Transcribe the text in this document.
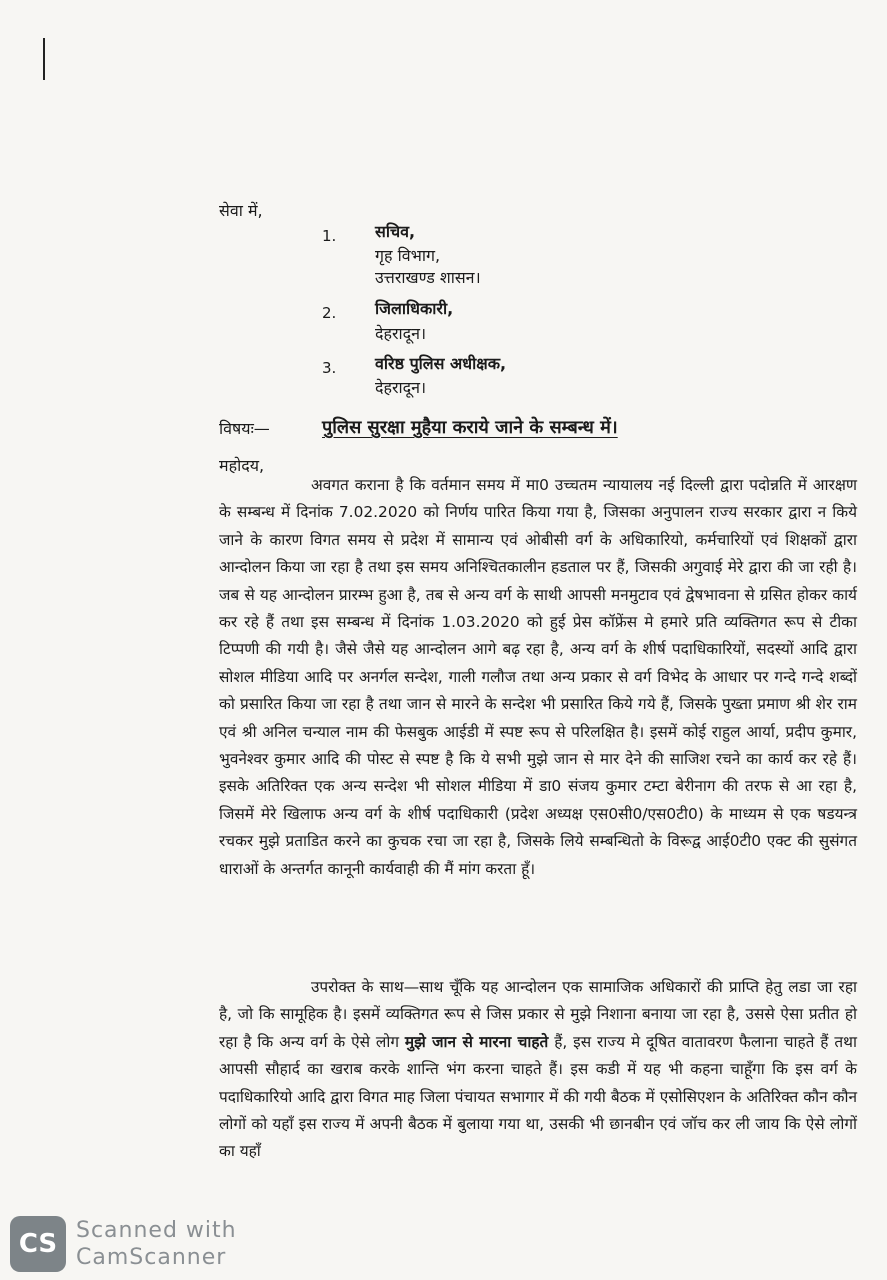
सेवा में,
1. सचिव,
गृह विभाग,
उत्तराखण्ड शासन।
2. जिलाधिकारी,
देहरादून।
3. वरिष्ठ पुलिस अधीक्षक,
देहरादून।
विषयः—	पुलिस सुरक्षा मुहैया कराये जाने के सम्बन्ध में।
महोदय,
अवगत कराना है कि वर्तमान समय में मा0 उच्चतम न्यायालय नई दिल्ली द्वारा पदोन्नति में आरक्षण के सम्बन्ध में दिनांक 7.02.2020 को निर्णय पारित किया गया है, जिसका अनुपालन राज्य सरकार द्वारा न किये जाने के कारण विगत समय से प्रदेश में सामान्य एवं ओबीसी वर्ग के अधिकारियो, कर्मचारियों एवं शिक्षकों द्वारा आन्दोलन किया जा रहा है तथा इस समय अनिश्चितकालीन हडताल पर हैं, जिसकी अगुवाई मेरे द्वारा की जा रही है। जब से यह आन्दोलन प्रारम्भ हुआ है, तब से अन्य वर्ग के साथी आपसी मनमुटाव एवं द्वेषभावना से ग्रसित होकर कार्य कर रहे हैं तथा इस सम्बन्ध में दिनांक 1.03.2020 को हुई प्रेस कॉफ्रेंस मे हमारे प्रति व्यक्तिगत रूप से टीका टिप्पणी की गयी है। जैसे जैसे यह आन्दोलन आगे बढ़ रहा है, अन्य वर्ग के शीर्ष पदाधिकारियों, सदस्यों आदि द्वारा सोशल मीडिया आदि पर अनर्गल सन्देश, गाली गलौज तथा अन्य प्रकार से वर्ग विभेद के आधार पर गन्दे गन्दे शब्दों को प्रसारित किया जा रहा है तथा जान से मारने के सन्देश भी प्रसारित किये गये हैं, जिसके पुख्ता प्रमाण श्री शेर राम एवं श्री अनिल चन्याल नाम की फेसबुक आईडी में स्पष्ट रूप से परिलक्षित है। इसमें कोई राहुल आर्या, प्रदीप कुमार, भुवनेश्वर कुमार आदि की पोस्ट से स्पष्ट है कि ये सभी मुझे जान से मार देने की साजिश रचने का कार्य कर रहे हैं। इसके अतिरिक्त एक अन्य सन्देश भी सोशल मीडिया में डा0 संजय कुमार टम्टा बेरीनाग की तरफ से आ रहा है, जिसमें मेरे खिलाफ अन्य वर्ग के शीर्ष पदाधिकारी (प्रदेश अध्यक्ष एस0सी0/एस0टी0) के माध्यम से एक षडयन्त्र रचकर मुझे प्रताडित करने का कुचक रचा जा रहा है, जिसके लिये सम्बन्धितो के विरूद्व आई0टी0 एक्ट की सुसंगत धाराओं के अन्तर्गत कानूनी कार्यवाही की मैं मांग करता हूँ।
उपरोक्त के साथ—साथ चूँकि यह आन्दोलन एक सामाजिक अधिकारों की प्राप्ति हेतु लडा जा रहा है, जो कि सामूहिक है। इसमें व्यक्तिगत रूप से जिस प्रकार से मुझे निशाना बनाया जा रहा है, उससे ऐसा प्रतीत हो रहा है कि अन्य वर्ग के ऐसे लोग मुझे जान से मारना चाहते हैं, इस राज्य मे दूषित वातावरण फैलाना चाहते हैं तथा आपसी सौहार्द का खराब करके शान्ति भंग करना चाहते हैं। इस कडी में यह भी कहना चाहूँगा कि इस वर्ग के पदाधिकारियो आदि द्वारा विगत माह जिला पंचायत सभागार में की गयी बैठक में एसोसिएशन के अतिरिक्त कौन कौन लोगों को यहाँ इस राज्य में अपनी बैठक में बुलाया गया था, उसकी भी छानबीन एवं जॉच कर ली जाय कि ऐसे लोगों का यहाँ
CS Scanned with
CamScanner
